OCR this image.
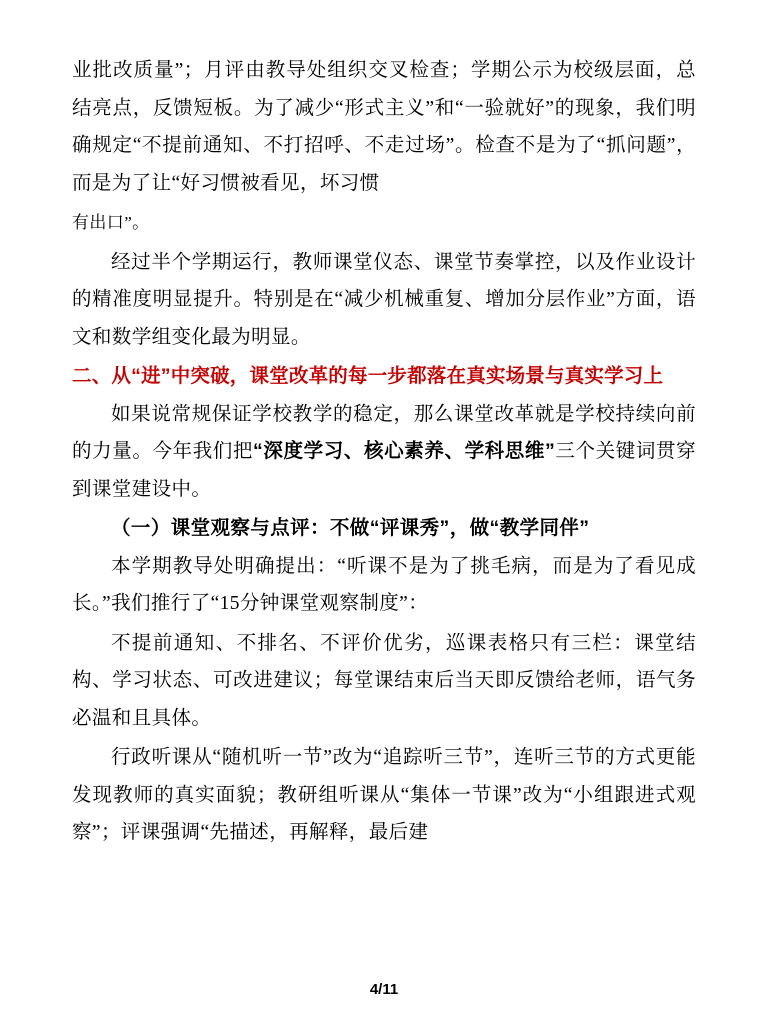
业批改质量”；月评由教导处组织交叉检查；学期公示为校级层面，总结亮点，反馈短板。为了减少“形式主义”和“一验就好”的现象，我们明确规定“不提前通知、不打招呼、不走过场”。检查不是为了“抓问题”，而是为了让“好习惯被看见，坏习惯

有出口”。

经过半个学期运行，教师课堂仪态、课堂节奏掌控，以及作业设计的精准度明显提升。特别是在“减少机械重复、增加分层作业”方面，语文和数学组变化最为明显。

二、从“进”中突破，课堂改革的每一步都落在真实场景与真实学习上

如果说常规保证学校教学的稳定，那么课堂改革就是学校持续向前的力量。今年我们把“深度学习、核心素养、学科思维”三个关键词贯穿到课堂建设中。

（一）课堂观察与点评：不做“评课秀”，做“教学同伴”

本学期教导处明确提出：“听课不是为了挑毛病，而是为了看见成长。”我们推行了“15分钟课堂观察制度”：

不提前通知、不排名、不评价优劣，巡课表格只有三栏：课堂结构、学习状态、可改进建议；每堂课结束后当天即反馈给老师，语气务必温和且具体。

行政听课从“随机听一节”改为“追踪听三节”，连听三节的方式更能发现教师的真实面貌；教研组听课从“集体一节课”改为“小组跟进式观察”；评课强调“先描述，再解释，最后建

4/11
